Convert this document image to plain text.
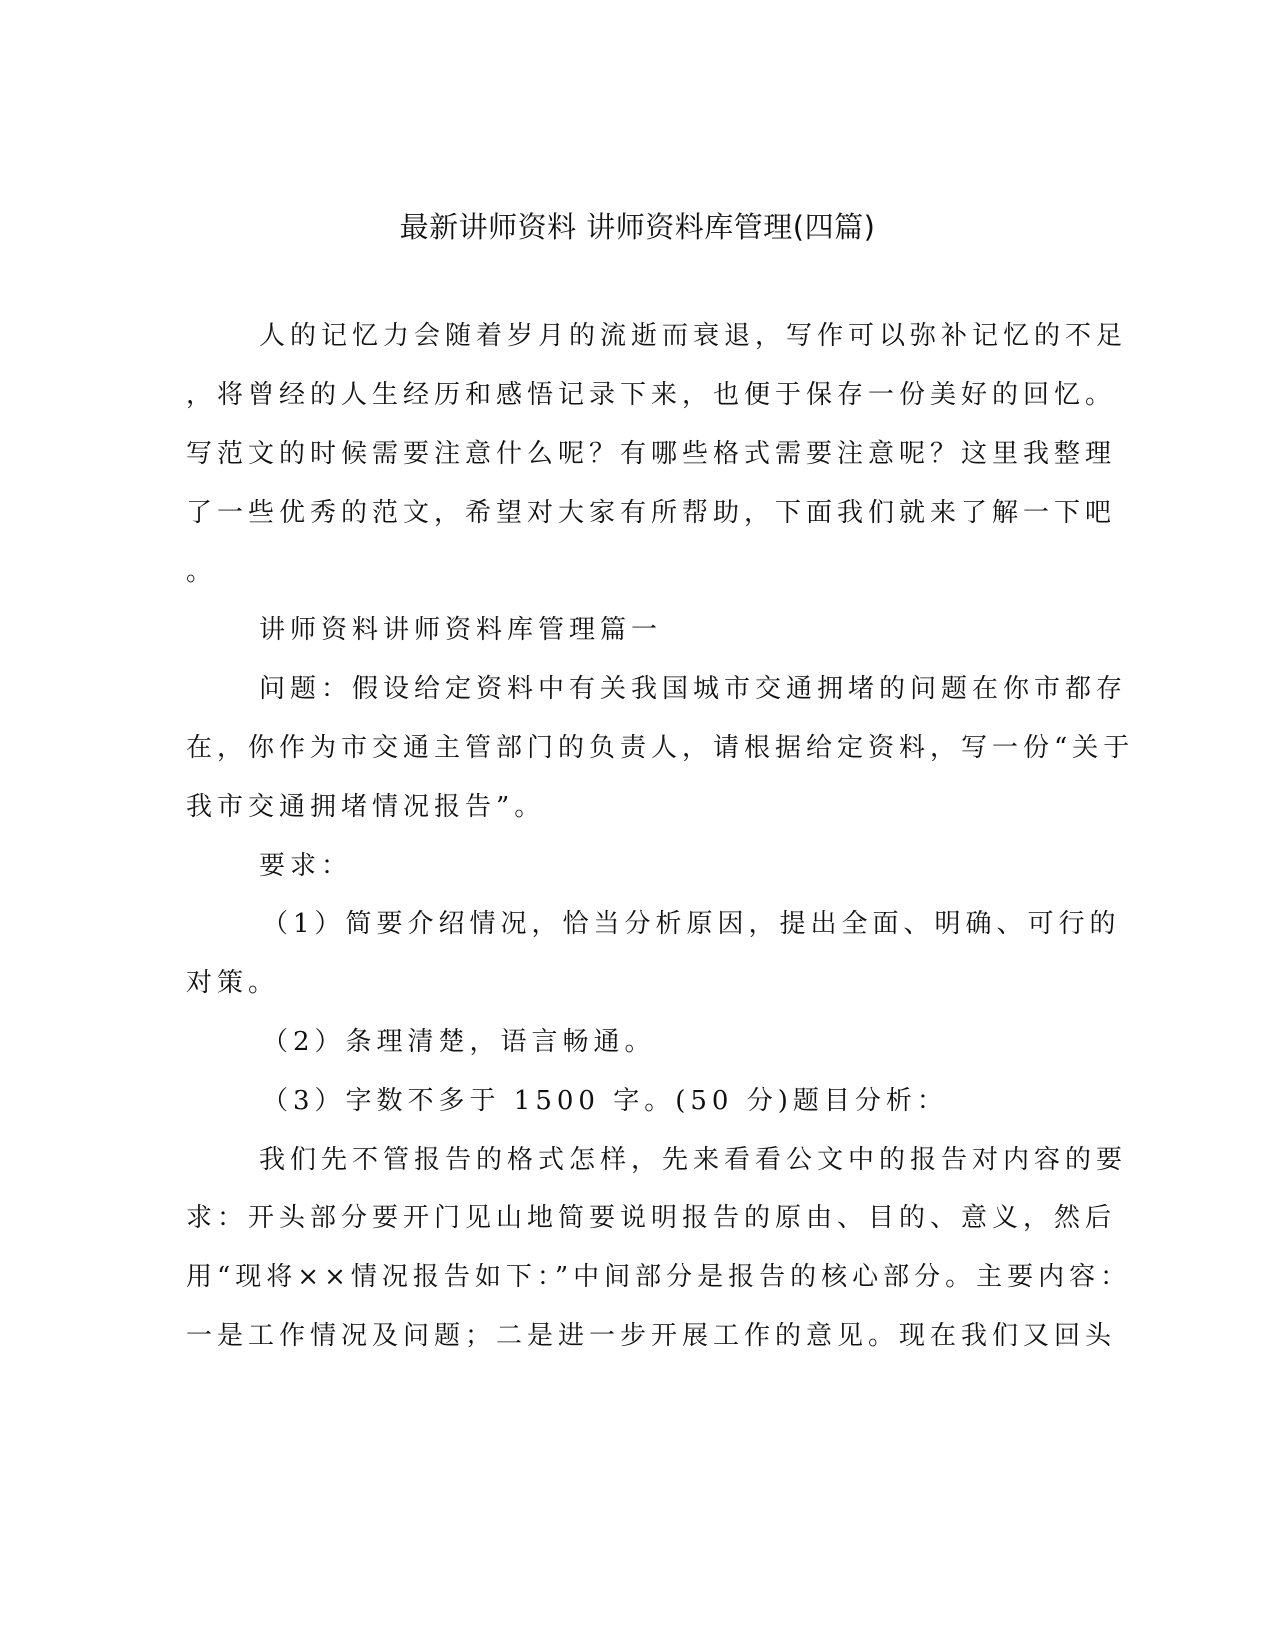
最新讲师资料 讲师资料库管理(四篇)
人的记忆力会随着岁月的流逝而衰退，写作可以弥补记忆的不足
，将曾经的人生经历和感悟记录下来，也便于保存一份美好的回忆。
写范文的时候需要注意什么呢？有哪些格式需要注意呢？这里我整理
了一些优秀的范文，希望对大家有所帮助，下面我们就来了解一下吧
。
讲师资料讲师资料库管理篇一
问题：假设给定资料中有关我国城市交通拥堵的问题在你市都存
在，你作为市交通主管部门的负责人，请根据给定资料，写一份“关于
我市交通拥堵情况报告”。
要求：
（1）简要介绍情况，恰当分析原因，提出全面、明确、可行的
对策。
（2）条理清楚，语言畅通。
（3）字数不多于 1500 字。(50 分)题目分析：
我们先不管报告的格式怎样，先来看看公文中的报告对内容的要
求：开头部分要开门见山地简要说明报告的原由、目的、意义，然后
用“现将××情况报告如下：”中间部分是报告的核心部分。主要内容：
一是工作情况及问题；二是进一步开展工作的意见。现在我们又回头
